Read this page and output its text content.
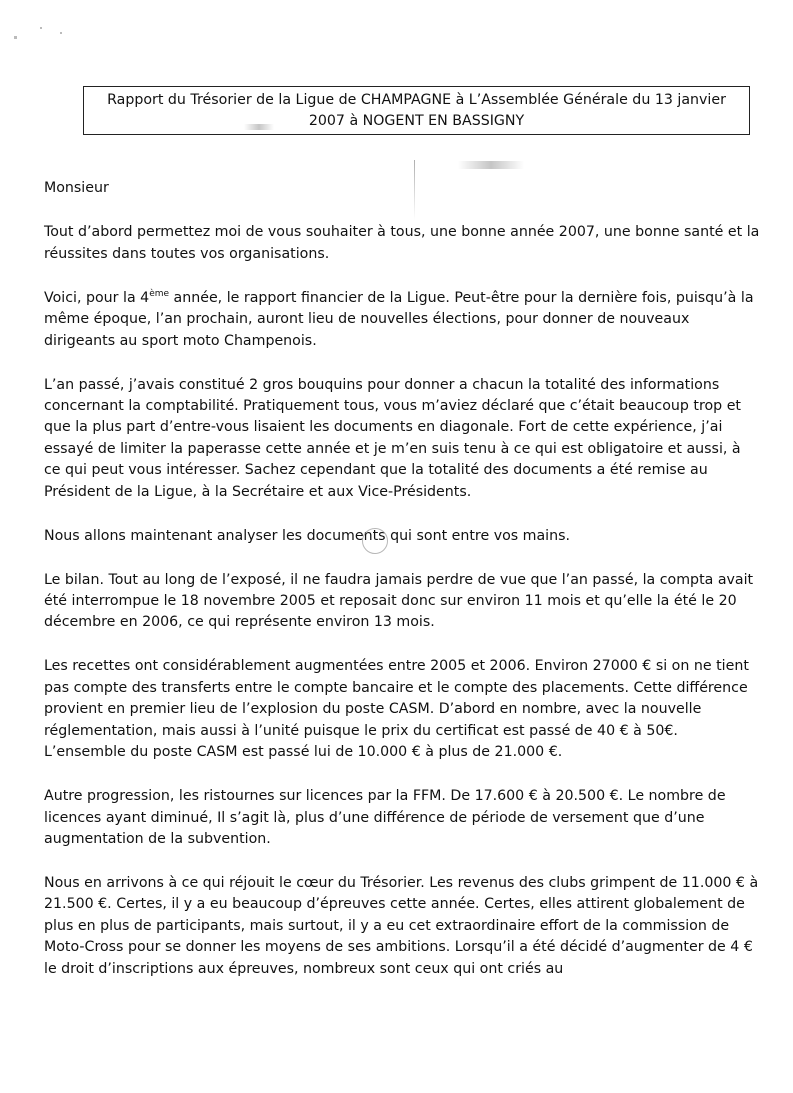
Rapport du Trésorier de la Ligue de CHAMPAGNE à L’Assemblée Générale du 13 janvier
2007 à NOGENT EN BASSIGNY

Monsieur

Tout d’abord permettez moi de vous souhaiter à tous, une bonne année 2007, une bonne santé et la réussites dans toutes vos organisations.

Voici, pour la 4ème année, le rapport financier de la Ligue. Peut-être pour la dernière fois, puisqu’à la même époque, l’an prochain, auront lieu de nouvelles élections, pour donner de nouveaux dirigeants au sport moto Champenois.

L’an passé, j’avais constitué 2 gros bouquins pour donner a chacun la totalité des informations concernant la comptabilité. Pratiquement tous, vous m’aviez déclaré que c’était beaucoup trop et que la plus part d’entre-vous lisaient les documents en diagonale. Fort de cette expérience, j’ai essayé de limiter la paperasse cette année et je m’en suis tenu à ce qui est obligatoire et aussi, à ce qui peut vous intéresser. Sachez cependant que la totalité des documents a été remise au Président de la Ligue, à la Secrétaire et aux Vice-Présidents.

Nous allons maintenant analyser les documents qui sont entre vos mains.

Le bilan. Tout au long de l’exposé, il ne faudra jamais perdre de vue que l’an passé, la compta avait été interrompue le 18 novembre 2005 et reposait donc sur environ 11 mois et qu’elle la été le 20 décembre en 2006, ce qui représente environ 13 mois.

Les recettes ont considérablement augmentées entre 2005 et 2006. Environ 27000 € si on ne tient pas compte des transferts entre le compte bancaire et le compte des placements. Cette différence provient en premier lieu de l’explosion du poste CASM. D’abord en nombre, avec la nouvelle réglementation, mais aussi à l’unité puisque le prix du certificat est passé de 40 € à 50€. L’ensemble du poste CASM est passé lui de 10.000 € à plus de 21.000 €.

Autre progression, les ristournes sur licences par la FFM. De 17.600 € à 20.500 €. Le nombre de licences ayant diminué, Il s’agit là, plus d’une différence de période de versement que d’une augmentation de la subvention.

Nous en arrivons à ce qui réjouit le cœur du Trésorier. Les revenus des clubs grimpent de 11.000 € à 21.500 €. Certes, il y a eu beaucoup d’épreuves cette année. Certes, elles attirent globalement de plus en plus de participants, mais surtout, il y a eu cet extraordinaire effort de la commission de Moto-Cross pour se donner les moyens de ses ambitions. Lorsqu’il a été décidé d’augmenter de 4 € le droit d’inscriptions aux épreuves, nombreux sont ceux qui ont criés au
